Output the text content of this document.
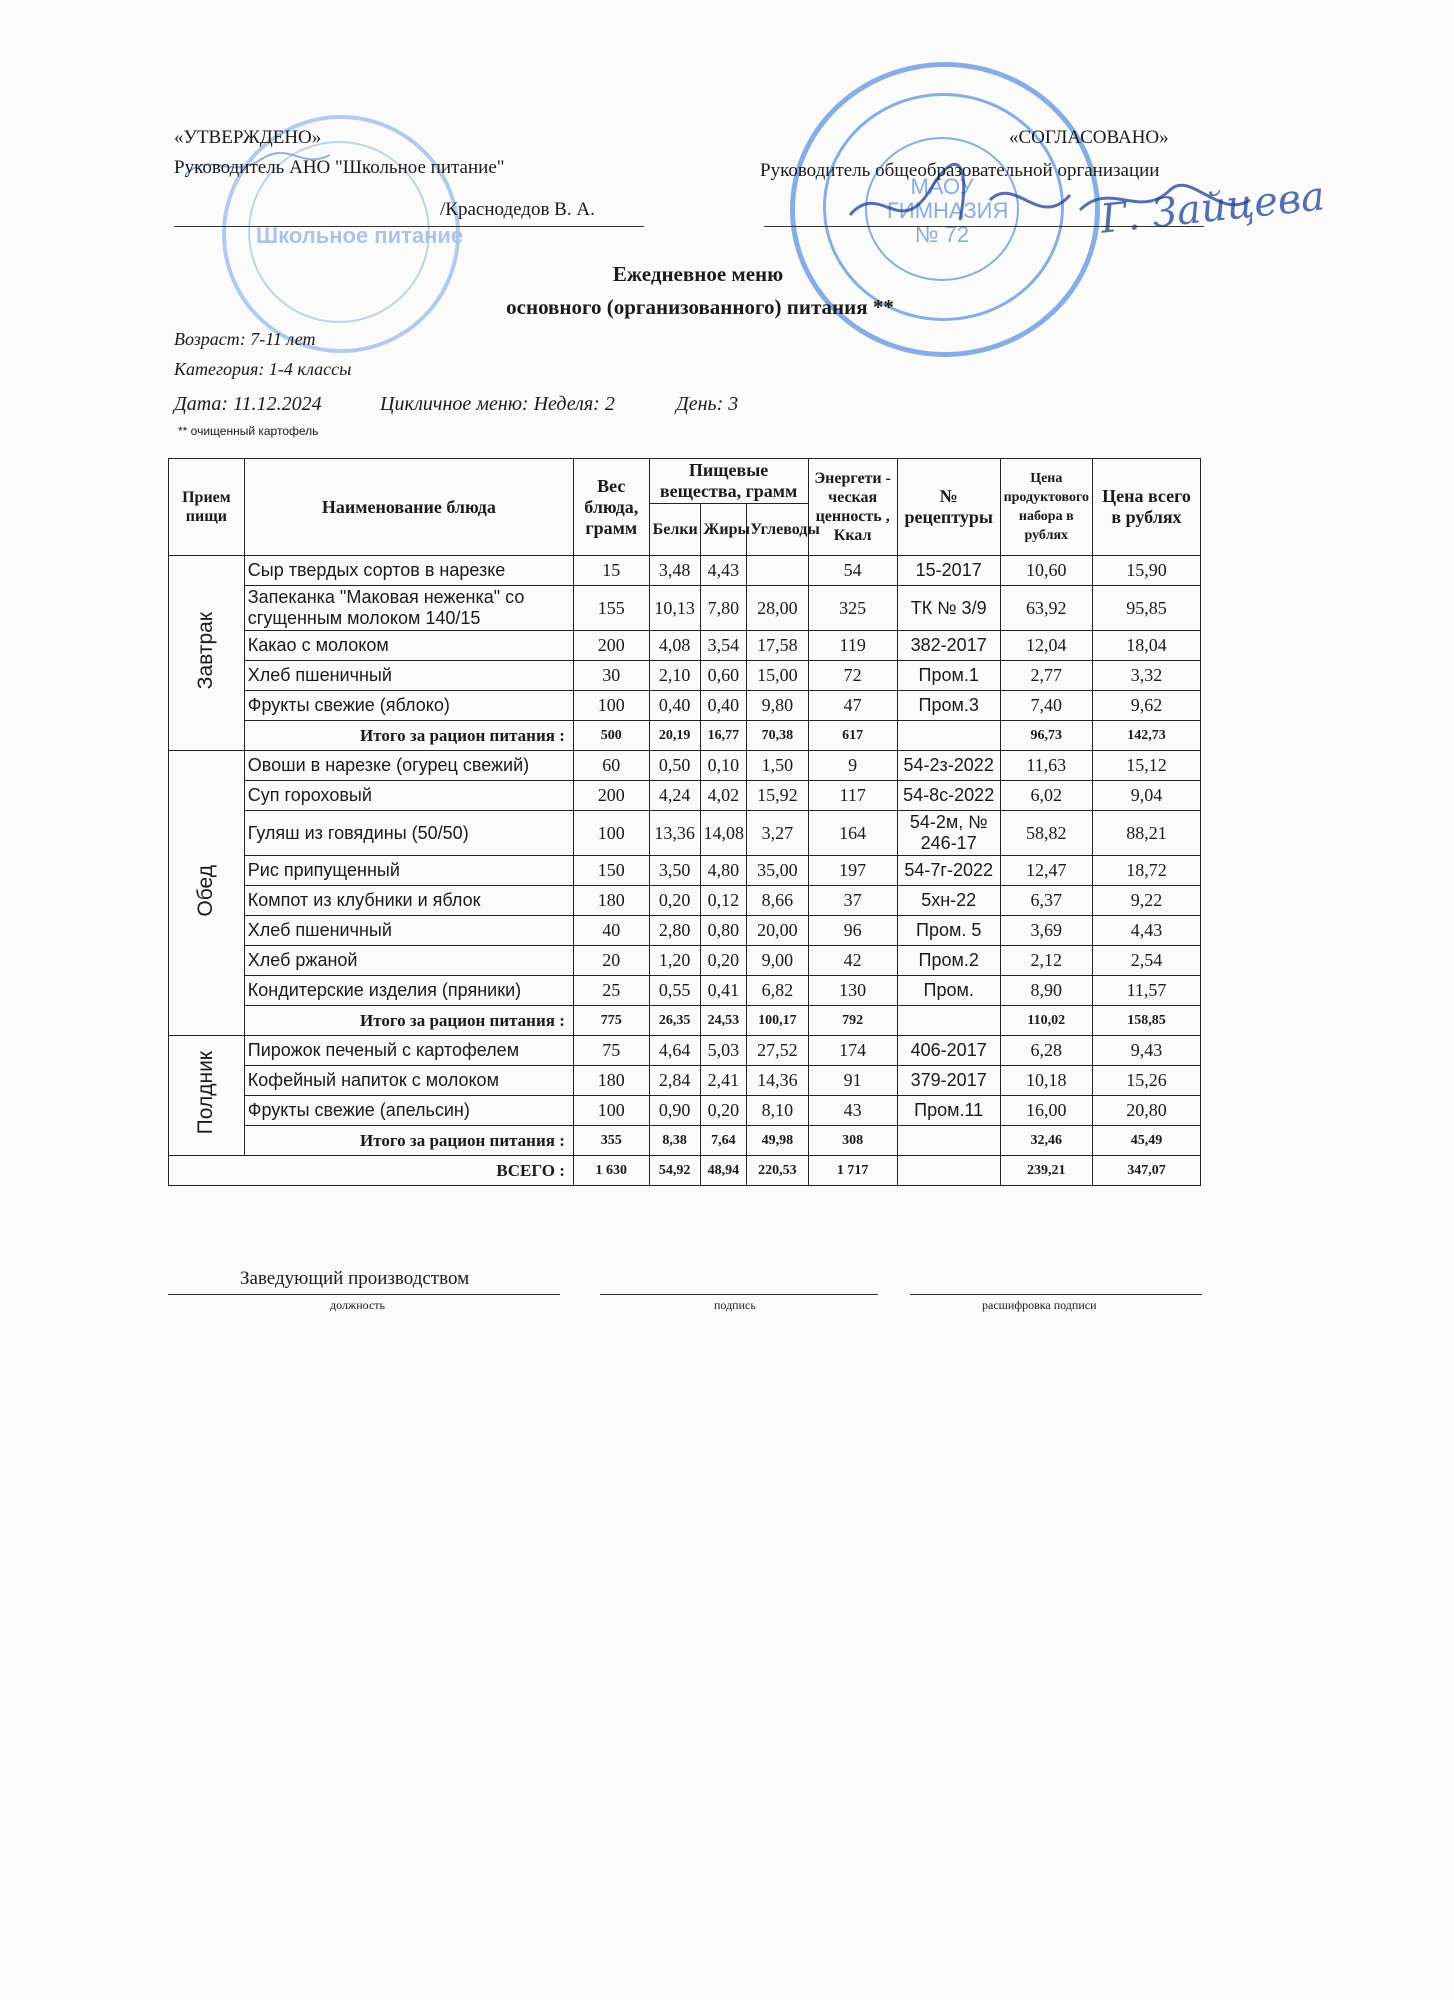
Школьное питание
МАОУ ГИМНАЗИЯ № 72	Г. Зайцева
«УТВЕРЖДЕНО»
Руководитель АНО "Школьное питание"
/Краснодедов В. А.
«СОГЛАСОВАНО»
Руководитель общеобразовательной организации
Ежедневное меню
основного (организованного) питания **
Возраст: 7-11 лет
Категория: 1-4 классы
Дата: 11.12.2024	Цикличное меню: Неделя: 2	День: 3
** очищенный картофель
Прием пищи	Наименование блюда	Вес блюда, грамм	Пищевые вещества, грамм			Энергети - ческая ценность , Ккал	№ рецептуры	Цена продуктового набора в рублях	Цена всего в рублях
			Белки	Жиры	Углеводы				
Завтрак	Сыр твердых сортов в нарезке	15	3,48	4,43		54	15-2017	10,60	15,90

	Запеканка "Маковая неженка" со
сгущенным молоком 140/15	155	10,13	7,80	28,00	325	ТК № 3/9	63,92	95,85

	Какао с молоком	200	4,08	3,54	17,58	119	382-2017	12,04	18,04

	Хлеб пшеничный	30	2,10	0,60	15,00	72	Пром.1	2,77	3,32

	Фрукты свежие (яблоко)	100	0,40	0,40	9,80	47	Пром.3	7,40	9,62
	Итого за рацион питания :	500	20,19	16,77	70,38	617		96,73	142,73
Обед	Овоши в нарезке (огурец свежий)	60	0,50	0,10	1,50	9	54-2з-2022	11,63	15,12

	Суп гороховый	200	4,24	4,02	15,92	117	54-8с-2022	6,02	9,04

	Гуляш из говядины (50/50)	100	13,36	14,08	3,27	164	54-2м, № 246-17	58,82	88,21

	Рис припущенный	150	3,50	4,80	35,00	197	54-7г-2022	12,47	18,72

	Компот из клубники и яблок	180	0,20	0,12	8,66	37	5хн-22	6,37	9,22

	Хлеб пшеничный	40	2,80	0,80	20,00	96	Пром. 5	3,69	4,43

	Хлеб ржаной	20	1,20	0,20	9,00	42	Пром.2	2,12	2,54

	Кондитерские изделия (пряники)	25	0,55	0,41	6,82	130	Пром.	8,90	11,57
	Итого за рацион питания :	775	26,35	24,53	100,17	792		110,02	158,85
Полдник	Пирожок печеный с картофелем	75	4,64	5,03	27,52	174	406-2017	6,28	9,43

	Кофейный напиток с молоком	180	2,84	2,41	14,36	91	379-2017	10,18	15,26

	Фрукты свежие (апельсин)	100	0,90	0,20	8,10	43	Пром.11	16,00	20,80
	Итого за рацион питания :	355	8,38	7,64	49,98	308		32,46	45,49
ВСЕГО :		1 630	54,92	48,94	220,53	1 717		239,21	347,07
Заведующий производством
должность	подпись	расшифровка подписи
